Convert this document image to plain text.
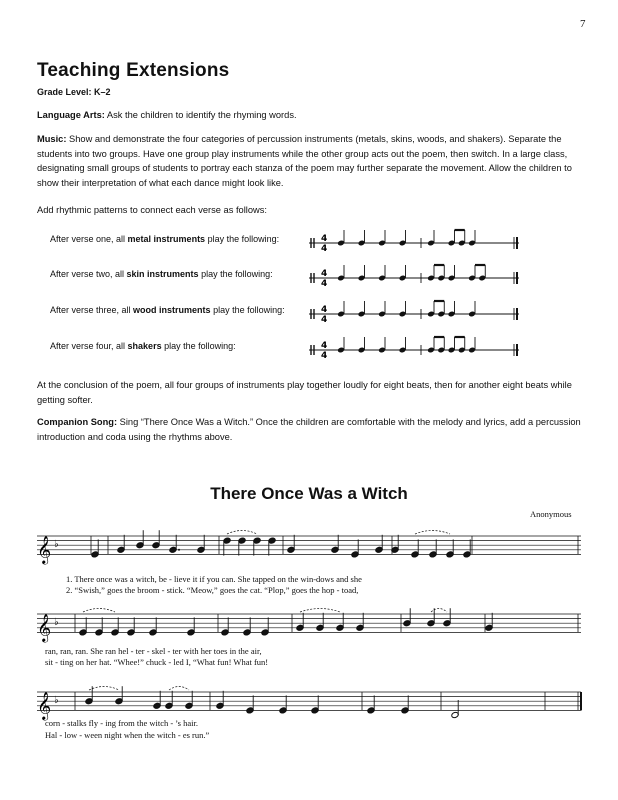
7
Teaching Extensions
Grade Level: K–2
Language Arts: Ask the children to identify the rhyming words.
Music: Show and demonstrate the four categories of percussion instruments (metals, skins, woods, and shakers). Separate the students into two groups. Have one group play instruments while the other group acts out the poem, then switch. In a large class, designating small groups of students to portray each stanza of the poem may further separate the movement. Allow the children to show their interpretation of what each dance might look like.
Add rhythmic patterns to connect each verse as follows:
After verse one, all metal instruments play the following:
After verse two, all skin instruments play the following:
After verse three, all wood instruments play the following:
After verse four, all shakers play the following:
4
4
4
4
4
4
4
4
At the conclusion of the poem, all four groups of instruments play together loudly for eight beats, then for another eight beats while getting softer.
Companion Song: Sing “There Once Was a Witch.” Once the children are comfortable with the melody and lyrics, add a percussion introduction and coda using the rhythms above.
There Once Was a Witch
Anonymous
𝄞 ♭
𝄞 ♭
𝄞 ♭
1. There once was a witch, be - lieve it if you can. She tapped on the win-dows and she
2. “Swish,” goes the broom - stick. “Meow,” goes the cat. “Plop,” goes the hop - toad,
ran, ran, ran. She ran hel - ter - skel - ter with her toes in the air,
sit - ting on her hat. “Whee!” chuck - led I, “What fun! What fun!
corn - stalks fly - ing from the witch - ’s hair.
Hal - low - ween night when the witch - es run.”
